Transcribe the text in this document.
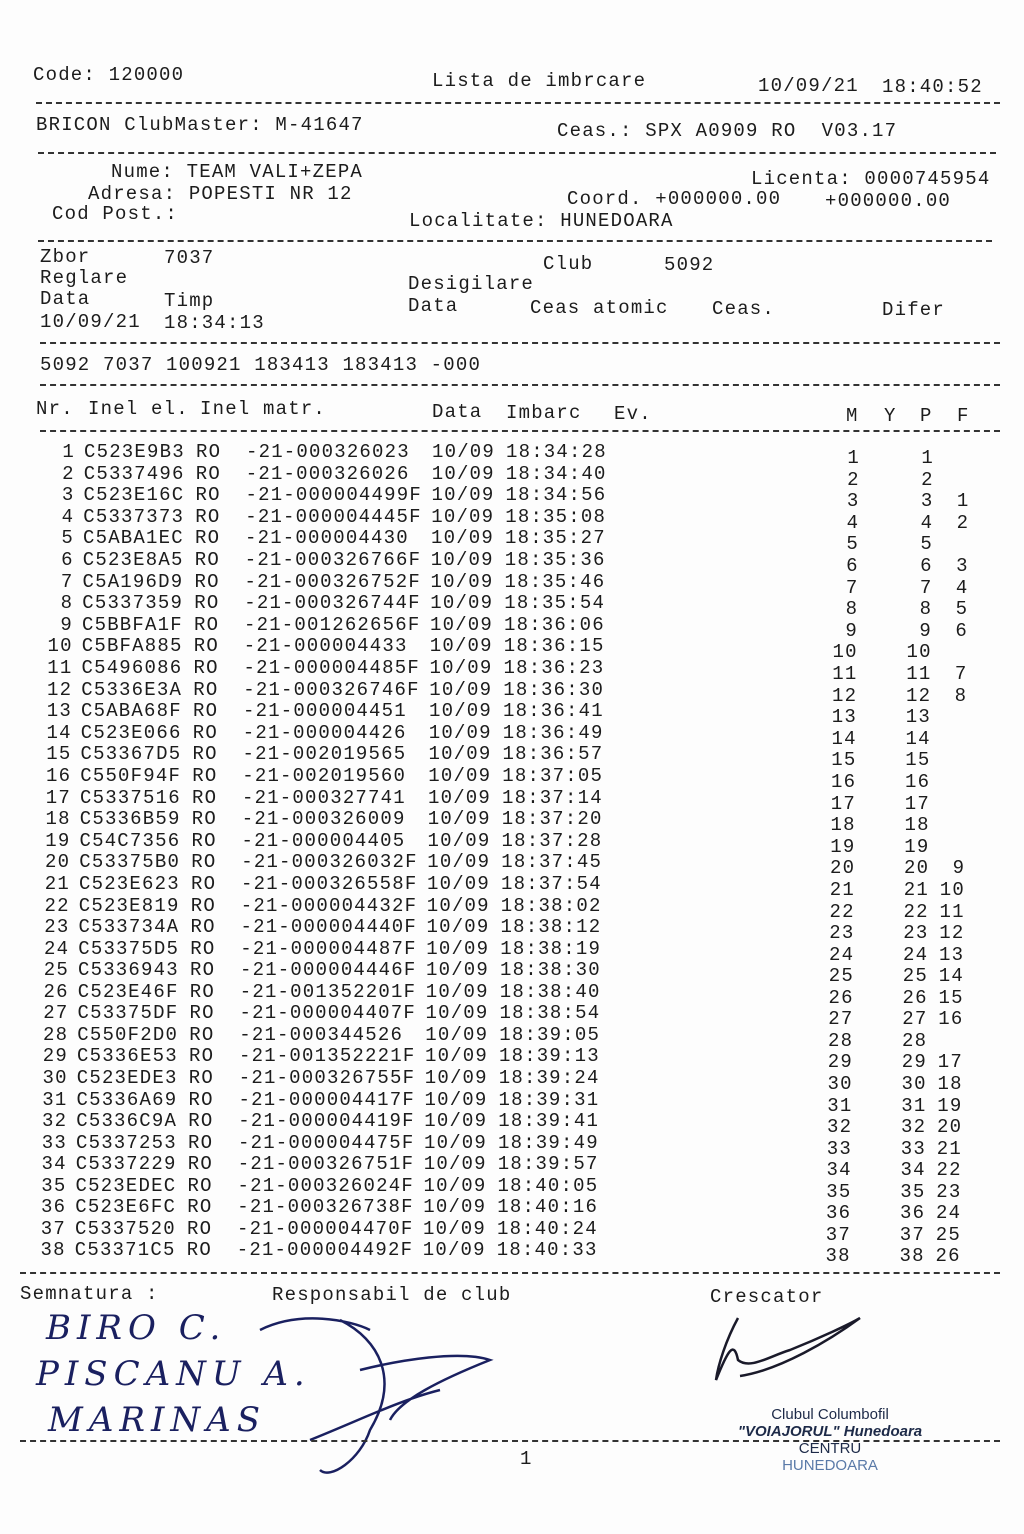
Code: 120000	Lista de imbrcare	10/09/21 18:40:52
BRICON ClubMaster: M-41647	Ceas.: SPX A0909 RO  V03.17
Nume: TEAM VALI+ZEPA
Adresa: POPESTI NR 12
Cod Post.:
Licenta: 0000745954
Coord. +000000.00 +000000.00
Localitate: HUNEDOARA
Zbor	7037	Club	5092
Reglare	Desigilare
Data	Timp	Data	Ceas atomic Ceas.	Difer
10/09/21 18:34:13
5092 7037 100921 183413 183413 -000
Nr. Inel el. Inel matr.	Data Imbarc Ev.	M Y P F
1 C523E9B3 RO -21-000326023 10/09 18:34:28	1	1
2 C5337496 RO -21-000326026 10/09 18:34:40	2	2
3 C523E16C RO -21-000004499F 10/09 18:34:56	3	3 1
4 C5337373 RO -21-000004445F 10/09 18:35:08	4	4 2
5 C5ABA1EC RO -21-000004430 10/09 18:35:27	5	5
6 C523E8A5 RO -21-000326766F 10/09 18:35:36	6	6 3
7 C5A196D9 RO -21-000326752F 10/09 18:35:46	7	7 4
8 C5337359 RO -21-000326744F 10/09 18:35:54	8	8 5
9 C5BBFA1F RO -21-001262656F 10/09 18:36:06	9	9 6
10 C5BFA885 RO -21-000004433 10/09 18:36:15	10	10
11 C5496086 RO -21-000004485F 10/09 18:36:23	11	11 7
12 C5336E3A RO -21-000326746F 10/09 18:36:30	12	12 8
13 C5ABA68F RO -21-000004451 10/09 18:36:41	13	13
14 C523E066 RO -21-000004426 10/09 18:36:49	14	14
15 C53367D5 RO -21-002019565 10/09 18:36:57	15	15
16 C550F94F RO -21-002019560 10/09 18:37:05	16	16
17 C5337516 RO -21-000327741 10/09 18:37:14	17	17
18 C5336B59 RO -21-000326009 10/09 18:37:20	18	18
19 C54C7356 RO -21-000004405 10/09 18:37:28	19	19
20 C53375B0 RO -21-000326032F 10/09 18:37:45	20	20 9
21 C523E623 RO -21-000326558F 10/09 18:37:54	21	21 10
22 C523E819 RO -21-000004432F 10/09 18:38:02	22	22 11
23 C533734A RO -21-000004440F 10/09 18:38:12	23	23 12
24 C53375D5 RO -21-000004487F 10/09 18:38:19	24	24 13
25 C5336943 RO -21-000004446F 10/09 18:38:30	25	25 14
26 C523E46F RO -21-001352201F 10/09 18:38:40	26	26 15
27 C53375DF RO -21-000004407F 10/09 18:38:54	27	27 16
28 C550F2D0 RO -21-000344526 10/09 18:39:05	28	28
29 C5336E53 RO -21-001352221F 10/09 18:39:13	29	29 17
30 C523EDE3 RO -21-000326755F 10/09 18:39:24	30	30 18
31 C5336A69 RO -21-000004417F 10/09 18:39:31	31	31 19
32 C5336C9A RO -21-000004419F 10/09 18:39:41	32	32 20
33 C5337253 RO -21-000004475F 10/09 18:39:49	33	33 21
34 C5337229 RO -21-000326751F 10/09 18:39:57	34	34 22
35 C523EDEC RO -21-000326024F 10/09 18:40:05	35	35 23
36 C523E6FC RO -21-000326738F 10/09 18:40:16	36	36 24
37 C5337520 RO -21-000004470F 10/09 18:40:24	37	37 25
38 C53371C5 RO -21-000004492F 10/09 18:40:33	38	38 26
Semnatura :	Responsabil de club	Crescator
BIRO C.
PISCANU A.
MARINAS
1
Clubul Columbofil
"VOIAJORUL" Hunedoara
CENTRU
HUNEDOARA
